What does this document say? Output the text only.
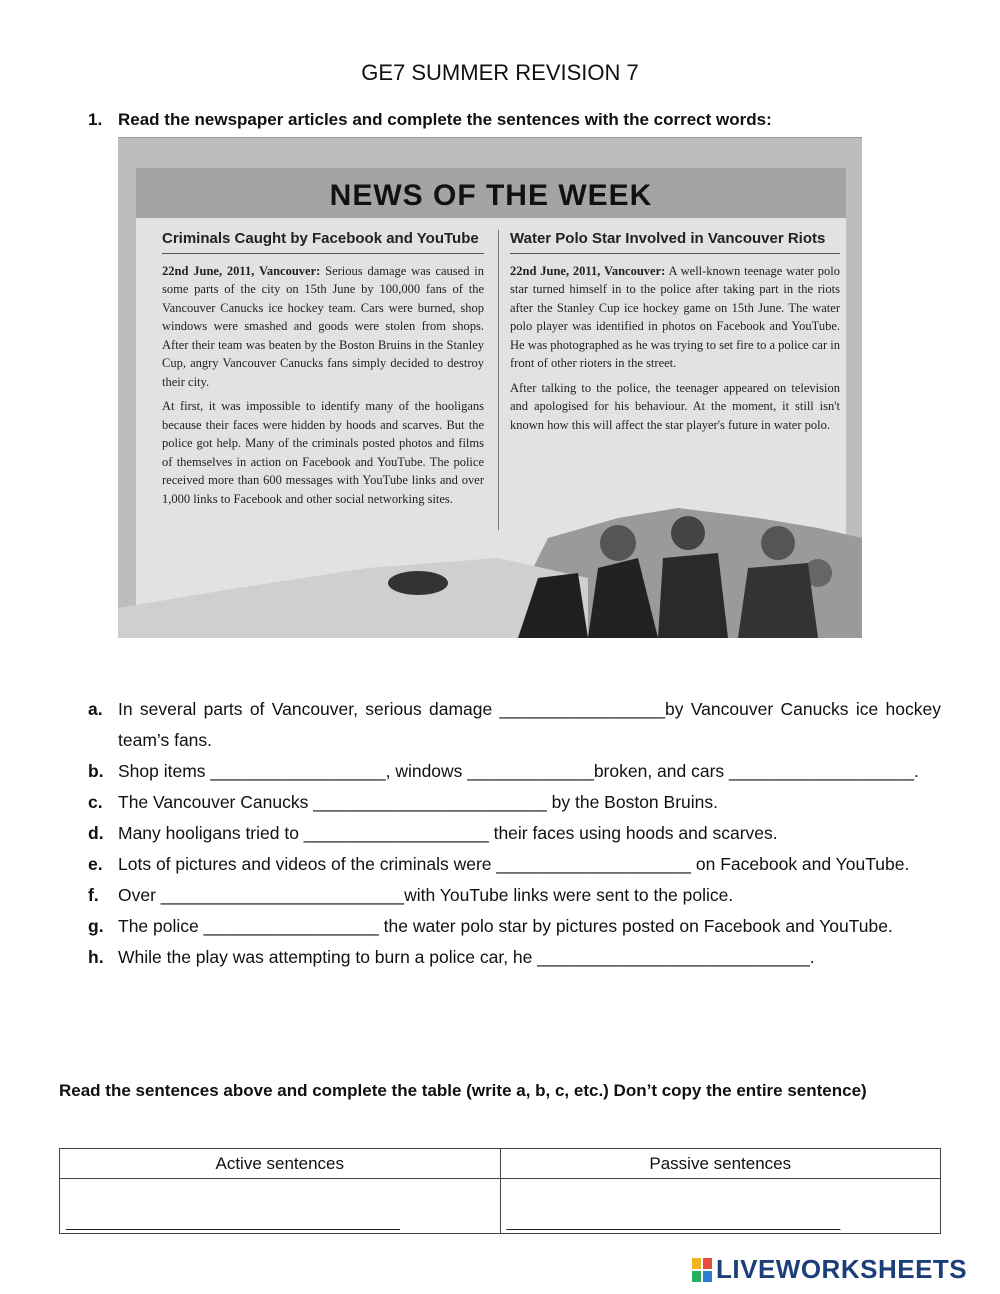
GE7 SUMMER REVISION 7
1. Read the newspaper articles and complete the sentences with the correct words:
NEWS OF THE WEEK
Criminals Caught by Facebook and YouTube

22nd June, 2011, Vancouver: Serious damage was caused in some parts of the city on 15th June by 100,000 fans of the Vancouver Canucks ice hockey team. Cars were burned, shop windows were smashed and goods were stolen from shops. After their team was beaten by the Boston Bruins in the Stanley Cup, angry Vancouver Canucks fans simply decided to destroy their city.

At first, it was impossible to identify many of the hooligans because their faces were hidden by hoods and scarves. But the police got help. Many of the criminals posted photos and films of themselves in action on Facebook and YouTube. The police received more than 600 messages with YouTube links and over 1,000 links to Facebook and other social networking sites.

Water Polo Star Involved in Vancouver Riots

22nd June, 2011, Vancouver: A well-known teenage water polo star turned himself in to the police after taking part in the riots after the Stanley Cup ice hockey game on 15th June. The water polo player was identified in photos on Facebook and YouTube. He was photographed as he was trying to set fire to a police car in front of other rioters in the street.

After talking to the police, the teenager appeared on television and apologised for his behaviour. At the moment, it still isn't known how this will affect the star player's future in water polo.

a. In several parts of Vancouver, serious damage _________________by Vancouver Canucks ice hockey team’s fans.
b. Shop items __________________, windows _____________broken, and cars ___________________.
c. The Vancouver Canucks ________________________ by the Boston Bruins.
d. Many hooligans tried to ___________________ their faces using hoods and scarves.
e. Lots of pictures and videos of the criminals were ____________________ on Facebook and YouTube.
f.	Over _________________________with YouTube links were sent to the police.
g. The police __________________ the water polo star by pictures posted on Facebook and YouTube.
h. While the play was attempting to burn a police car, he ____________________________.
Read the sentences above and complete the table (write a, b, c, etc.) Don’t copy the entire sentence)
Active sentences	Passive sentences
________________________________________	________________________________________
LIVEWORKSHEETS
